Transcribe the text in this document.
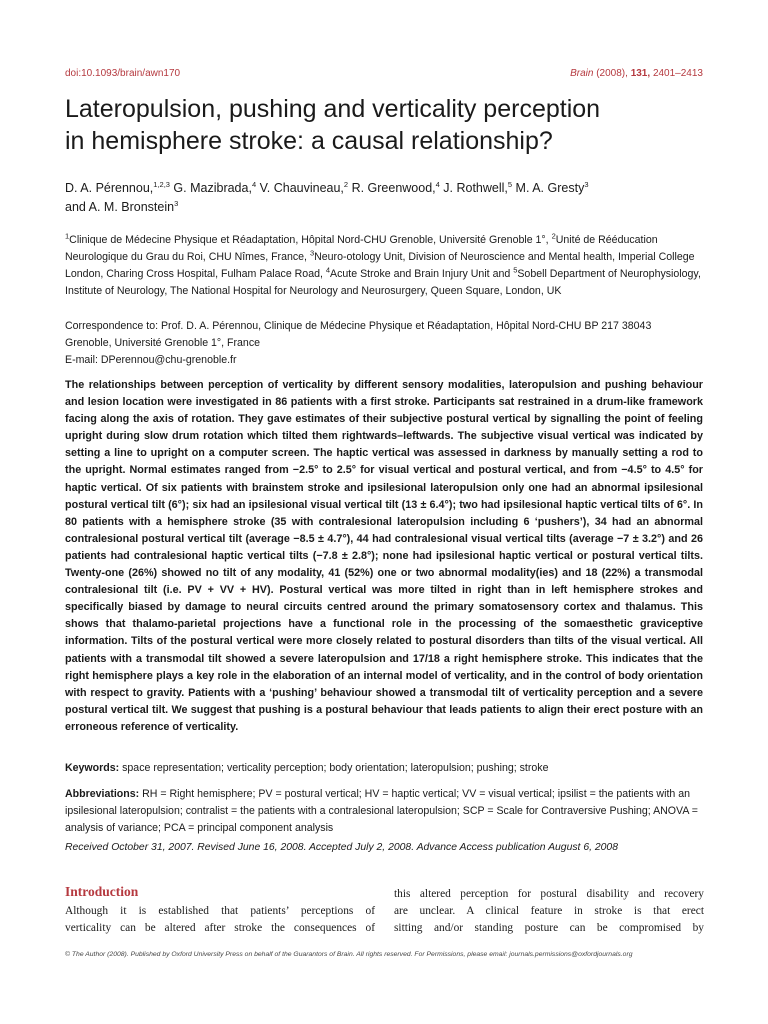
doi:10.1093/brain/awn170	Brain (2008), 131, 2401–2413
Lateropulsion, pushing and verticality perception
in hemisphere stroke: a causal relationship?
D. A. Pérennou,$^{1,2,3}$ G. Mazibrada,$^4$ V. Chauvineau,$^2$ R. Greenwood,$^4$ J. Rothwell,$^5$ M. A. Gresty$^3$
and A. M. Bronstein$^3$
$^1$Clinique de Médecine Physique et Réadaptation, Hôpital Nord-CHU Grenoble, Université Grenoble 1°, $^2$Unité de Rééducation Neurologique du Grau du Roi, CHU Nîmes, France, $^3$Neuro-otology Unit, Division of Neuroscience and Mental health, Imperial College London, Charing Cross Hospital, Fulham Palace Road, $^4$Acute Stroke and Brain Injury Unit and $^5$Sobell Department of Neurophysiology, Institute of Neurology, The National Hospital for Neurology and Neurosurgery, Queen Square, London, UK
Correspondence to: Prof. D. A. Pérennou, Clinique de Médecine Physique et Réadaptation, Hôpital Nord-CHU BP 217 38043
Grenoble, Université Grenoble 1°, France
E-mail: DPerennou@chu-grenoble.fr
The relationships between perception of verticality by different sensory modalities, lateropulsion and pushing behaviour and lesion location were investigated in 86 patients with a first stroke. Participants sat restrained in a drum-like framework facing along the axis of rotation. They gave estimates of their subjective postural vertical by signalling the point of feeling upright during slow drum rotation which tilted them rightwards–leftwards. The subjective visual vertical was indicated by setting a line to upright on a computer screen. The haptic vertical was assessed in darkness by manually setting a rod to the upright. Normal estimates ranged from −2.5° to 2.5° for visual vertical and postural vertical, and from −4.5° to 4.5° for haptic vertical. Of six patients with brainstem stroke and ipsilesional lateropulsion only one had an abnormal ipsilesional postural vertical tilt (6°); six had an ipsilesional visual vertical tilt (13 ± 6.4°); two had ipsilesional haptic vertical tilts of 6°. In 80 patients with a hemisphere stroke (35 with contralesional lateropulsion including 6 ‘pushers’), 34 had an abnormal contralesional postural vertical tilt (average −8.5 ± 4.7°), 44 had contralesional visual vertical tilts (average −7 ± 3.2°) and 26 patients had contralesional haptic vertical tilts (−7.8 ± 2.8°); none had ipsilesional haptic vertical or postural vertical tilts. Twenty-one (26%) showed no tilt of any modality, 41 (52%) one or two abnormal modality(ies) and 18 (22%) a transmodal contralesional tilt (i.e. PV + VV + HV). Postural vertical was more tilted in right than in left hemisphere strokes and specifically biased by damage to neural circuits centred around the primary somatosensory cortex and thalamus. This shows that thalamo-parietal projections have a functional role in the processing of the somaesthetic graviceptive information. Tilts of the postural vertical were more closely related to postural disorders than tilts of the visual vertical. All patients with a transmodal tilt showed a severe lateropulsion and 17/18 a right hemisphere stroke. This indicates that the right hemisphere plays a key role in the elaboration of an internal model of verticality, and in the control of body orientation with respect to gravity. Patients with a ‘pushing’ behaviour showed a transmodal tilt of verticality perception and a severe postural vertical tilt. We suggest that pushing is a postural behaviour that leads patients to align their erect posture with an erroneous reference of verticality.
Keywords: space representation; verticality perception; body orientation; lateropulsion; pushing; stroke
Abbreviations: RH = Right hemisphere; PV = postural vertical; HV = haptic vertical; VV = visual vertical; ipsilist = the patients with an ipsilesional lateropulsion; contralist = the patients with a contralesional lateropulsion; SCP = Scale for Contraversive Pushing; ANOVA = analysis of variance; PCA = principal component analysis
Received October 31, 2007. Revised June 16, 2008. Accepted July 2, 2008. Advance Access publication August 6, 2008
Introduction
Although it is established that patients’ perceptions of
verticality can be altered after stroke the consequences of
this altered perception for postural disability and recovery
are unclear. A clinical feature in stroke is that erect
sitting and/or standing posture can be compromised by
© The Author (2008). Published by Oxford University Press on behalf of the Guarantors of Brain. All rights reserved. For Permissions, please email: journals.permissions@oxfordjournals.org
